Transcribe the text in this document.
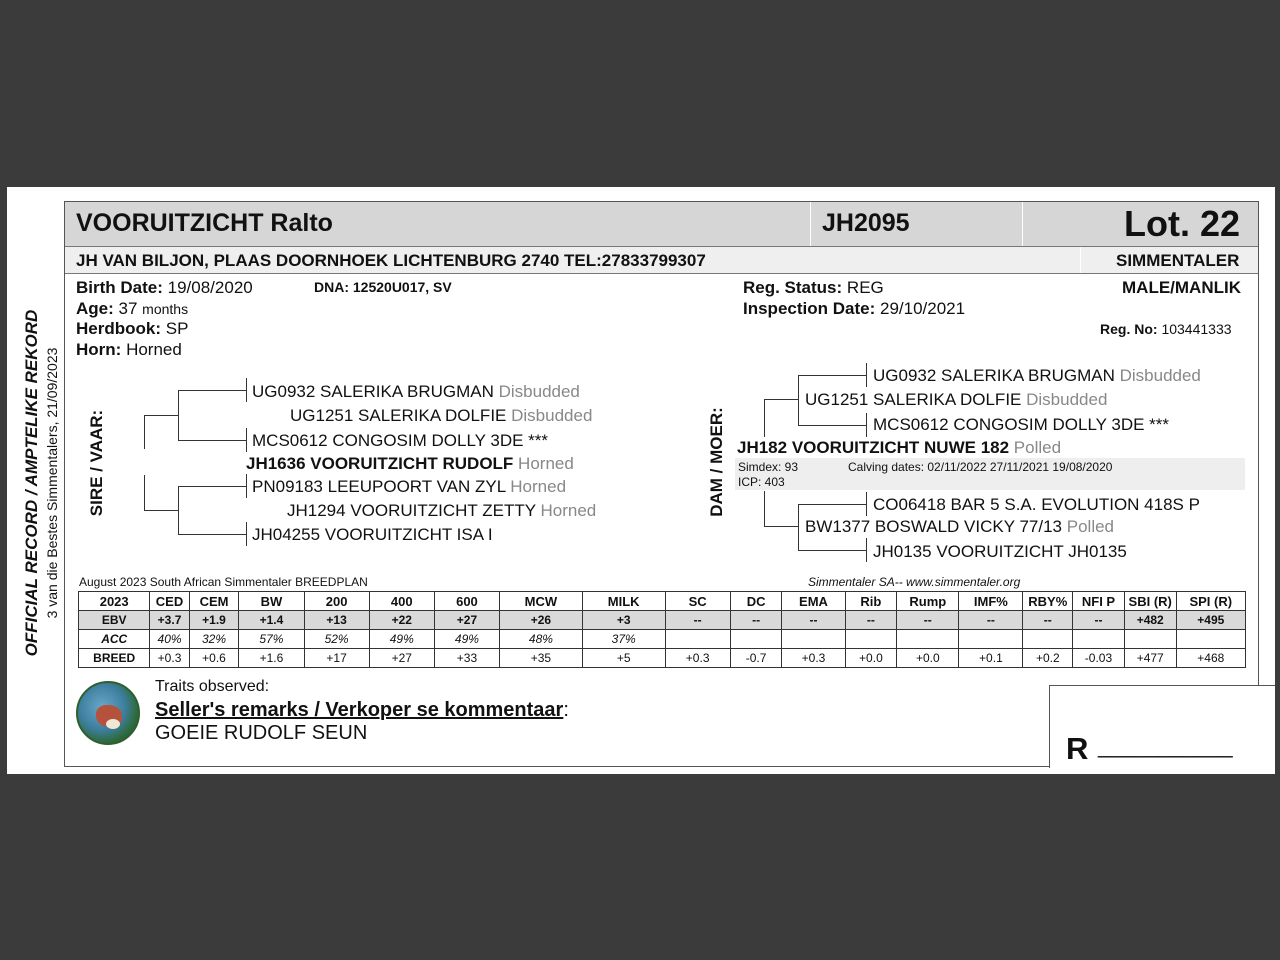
OFFICIAL RECORD / AMPTELIKE REKORD 3 van die Bestes Simmentalers, 21/09/2023
VOORUITZICHT Ralto	JH2095	Lot. 22
JH VAN BILJON, PLAAS DOORNHOEK LICHTENBURG 2740 TEL:27833799307	SIMMENTALER
Birth Date: 19/08/2020	DNA: 12520U017, SV
Age: 37 months
Herdbook: SP
Horn: Horned
Reg. Status: REG
Inspection Date: 29/10/2021
MALE/MANLIK
Reg. No: 103441333
SIRE / VAAR:
UG0932 SALERIKA BRUGMAN Disbudded
UG1251 SALERIKA DOLFIE Disbudded
MCS0612 CONGOSIM DOLLY 3DE ***
JH1636 VOORUITZICHT RUDOLF Horned
PN09183 LEEUPOORT VAN ZYL Horned
JH1294 VOORUITZICHT ZETTY Horned
JH04255 VOORUITZICHT ISA I
DAM / MOER:
UG0932 SALERIKA BRUGMAN Disbudded
UG1251 SALERIKA DOLFIE Disbudded
MCS0612 CONGOSIM DOLLY 3DE ***
JH182 VOORUITZICHT NUWE 182 Polled
Simdex: 93	Calving dates: 02/11/2022 27/11/2021 19/08/2020
ICP: 403
CO06418 BAR 5 S.A. EVOLUTION 418S P
BW1377 BOSWALD VICKY 77/13 Polled
JH0135 VOORUITZICHT JH0135
August 2023 South African Simmentaler BREEDPLAN	Simmentaler SA-- www.simmentaler.org
2023	CED	CEM	BW	200	400	600	MCW	MILK	SC	DC	EMA	Rib	Rump	IMF%	RBY%	NFI P	SBI (R)	SPI (R)
EBV	+3.7	+1.9	+1.4	+13	+22	+27	+26	+3	--	--	--	--	--	--	--	--	+482	+495
ACC	40%	32%	57%	52%	49%	49%	48%	37%										
BREED	+0.3	+0.6	+1.6	+17	+27	+33	+35	+5	+0.3	-0.7	+0.3	+0.0	+0.0	+0.1	+0.2	-0.03	+477	+468
Traits observed:
Seller's remarks / Verkoper se kommentaar:
GOEIE RUDOLF SEUN	R ___________
